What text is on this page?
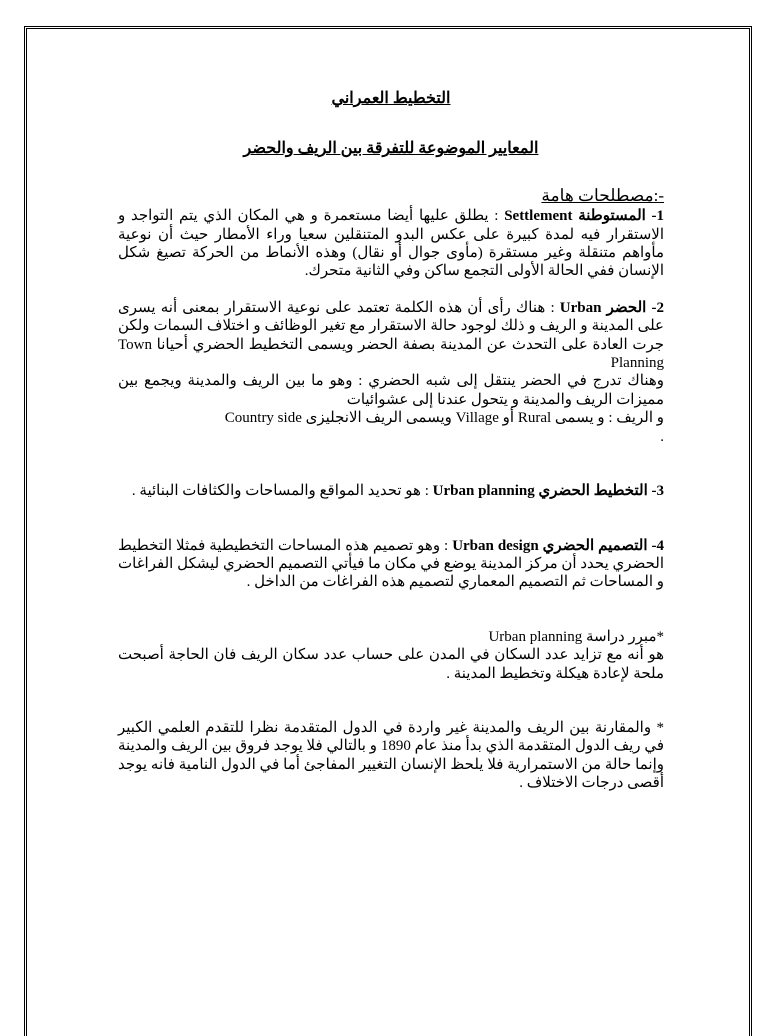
التخطيط العمراني

المعايير الموضوعة للتفرقة بين الريف والحضر

-:مصطلحات هامة

1- المستوطنة Settlement : يطلق عليها أيضا مستعمرة و هي المكان الذي يتم التواجد و الاستقرار فيه لمدة كبيرة على عكس البدو المتنقلين سعيا وراء الأمطار حيث أن نوعية مأواهم متنقلة وغير مستقرة (مأوى جوال أو نقال) وهذه الأنماط من الحركة تصيغ شكل الإنسان ففي الحالة الأولى التجمع ساكن وفي الثانية متحرك.

2- الحضر Urban : هناك رأى أن هذه الكلمة تعتمد على نوعية الاستقرار بمعنى أنه يسرى على المدينة و الريف و ذلك لوجود حالة الاستقرار مع تغير الوظائف و اختلاف السمات ولكن جرت العادة على التحدث عن المدينة بصفة الحضر ويسمى التخطيط الحضري أحيانا Town Planning

وهناك تدرج في الحضر ينتقل إلى شبه الحضري : وهو ما بين الريف والمدينة ويجمع بين مميزات الريف والمدينة و يتحول عندنا إلى عشوائيات

و الريف : و يسمى Rural أو Village ويسمى الريف الانجليزى Country side

.

3- التخطيط الحضري Urban planning : هو تحديد المواقع والمساحات والكثافات البنائية .

4- التصميم الحضري Urban design : وهو تصميم هذه المساحات التخطيطية فمثلا التخطيط الحضري يحدد أن مركز المدينة يوضع في مكان ما فيأتي التصميم الحضري ليشكل الفراغات و المساحات ثم التصميم المعماري لتصميم هذه الفراغات من الداخل .

*مبرر دراسة Urban planning

هو أنه مع تزايد عدد السكان في المدن على حساب عدد سكان الريف فان الحاجة أصبحت ملحة لإعادة هيكلة وتخطيط المدينة .

* والمقارنة بين الريف والمدينة غير واردة في الدول المتقدمة نظرا للتقدم العلمي الكبير في ريف الدول المتقدمة الذي بدأ منذ عام 1890 و بالتالي فلا يوجد فروق بين الريف والمدينة وإنما حالة من الاستمرارية فلا يلحظ الإنسان التغيير المفاجئ أما في الدول النامية فانه يوجد أقصى درجات الاختلاف .
